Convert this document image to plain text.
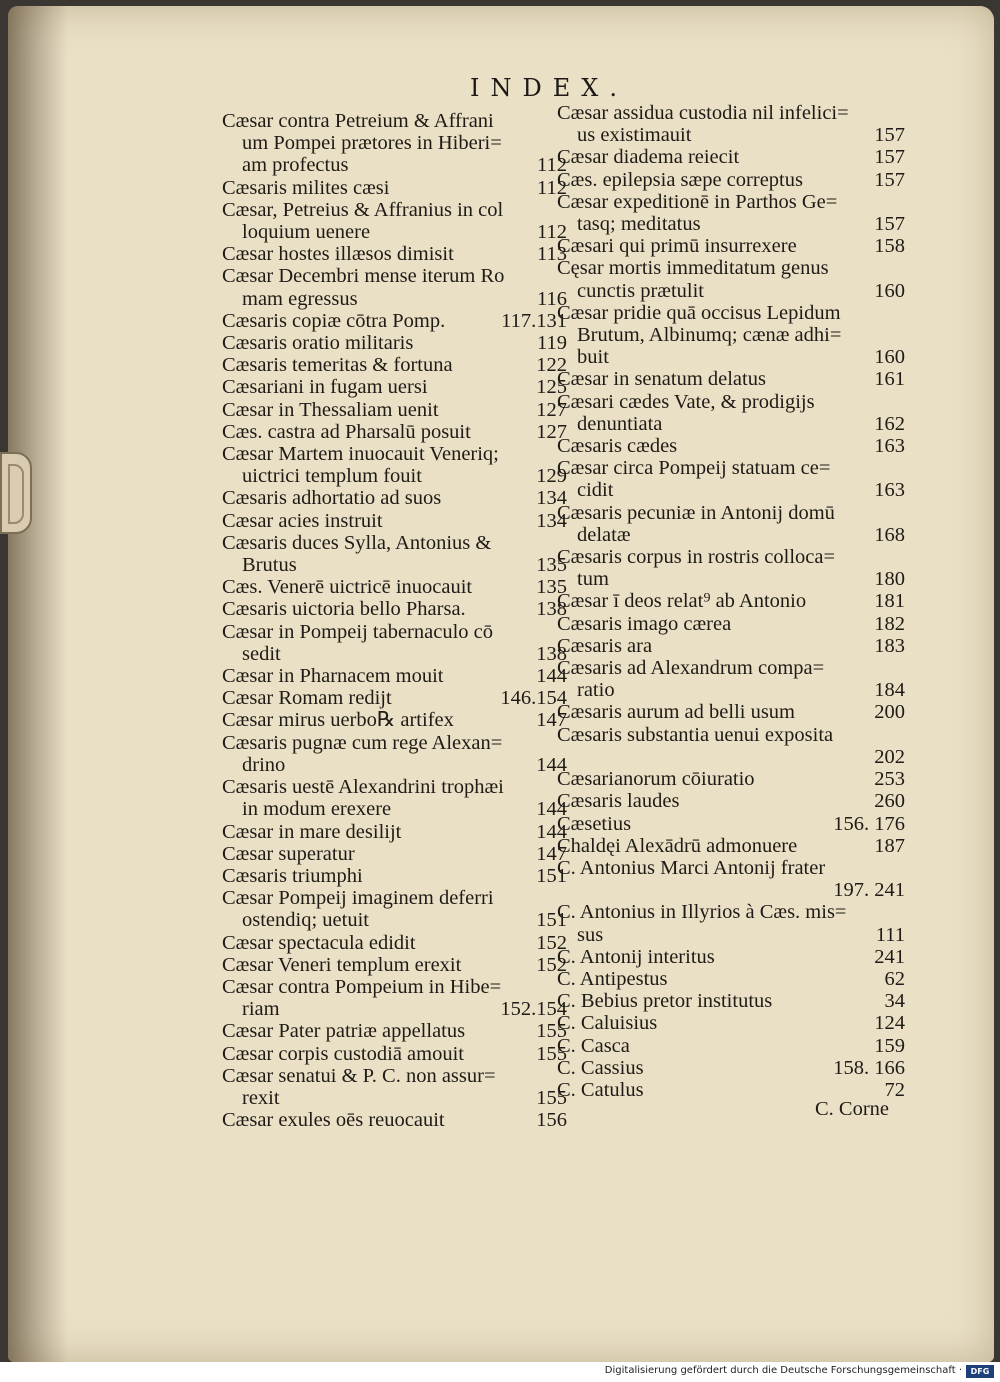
INDEX.
Cæsar contra Petreium & Affrani
um Pompei prætores in Hiberi=
am profectus	112
Cæsaris milites cæsi	112
Cæsar, Petreius & Affranius in col
loquium uenere	112
Cæsar hostes illæsos dimisit	113
Cæsar Decembri mense iterum Ro
mam egressus	116
Cæsaris copiæ cōtra Pomp.	117.131
Cæsaris oratio militaris	119
Cæsaris temeritas & fortuna	122
Cæsariani in fugam uersi	125
Cæsar in Thessaliam uenit	127
Cæs. castra ad Pharsalū posuit	127
Cæsar Martem inuocauit Veneriq;
uictrici templum fouit	129
Cæsaris adhortatio ad suos	134
Cæsar acies instruit	134
Cæsaris duces Sylla, Antonius &
Brutus	135
Cæs. Venerē uictricē inuocauit	135
Cæsaris uictoria bello Pharsa.	138
Cæsar in Pompeij tabernaculo cō
sedit	138
Cæsar in Pharnacem mouit	144
Cæsar Romam redijt	146.154
Cæsar mirus uerbo℞ artifex	147
Cæsaris pugnæ cum rege Alexan=
drino	144
Cæsaris uestē Alexandrini trophæi
in modum erexere	144
Cæsar in mare desilijt	144
Cæsar superatur	147
Cæsaris triumphi	151
Cæsar Pompeij imaginem deferri
ostendiq; uetuit	151
Cæsar spectacula edidit	152
Cæsar Veneri templum erexit	152
Cæsar contra Pompeium in Hibe=
riam	152.154
Cæsar Pater patriæ appellatus	155
Cæsar corpis custodiā amouit	155
Cæsar senatui & P. C. non assur=
rexit	155
Cæsar exules oēs reuocauit	156
Cæsar assidua custodia nil infelici=
us existimauit	157
Cæsar diadema reiecit	157
Cæs. epilepsia sæpe correptus	157
Cæsar expeditionē in Parthos Ge=
tasq; meditatus	157
Cæsari qui primū insurrexere	158
Cęsar mortis immeditatum genus
cunctis prætulit	160
Cæsar pridie quā occisus Lepidum
Brutum, Albinumq; cænæ adhi=
buit	160
Cæsar in senatum delatus	161
Cæsari cædes Vate, & prodigijs
denuntiata	162
Cæsaris cædes	163
Cæsar circa Pompeij statuam ce=
cidit	163
Cæsaris pecuniæ in Antonij domū
delatæ	168
Cæsaris corpus in rostris colloca=
tum	180
Cæsar ī deos relat⁹ ab Antonio	181
Cæsaris imago cærea	182
Cæsaris ara	183
Cæsaris ad Alexandrum compa=
ratio	184
Cæsaris aurum ad belli usum	200
Cæsaris substantia uenui exposita
202
Cæsarianorum cōiuratio	253
Cæsaris laudes	260
Cæsetius	156. 176
Chaldęi Alexādrū admonuere	187
C. Antonius Marci Antonij frater
197. 241
C. Antonius in Illyrios à Cæs. mis=
sus	111
C. Antonij interitus	241
C. Antipestus	62
C. Bebius pretor institutus	34
C. Caluisius	124
C. Casca	159
C. Cassius	158. 166
C. Catulus	72
C. Corne
Digitalisierung gefördert durch die Deutsche Forschungsgemeinschaft ·	DFG
